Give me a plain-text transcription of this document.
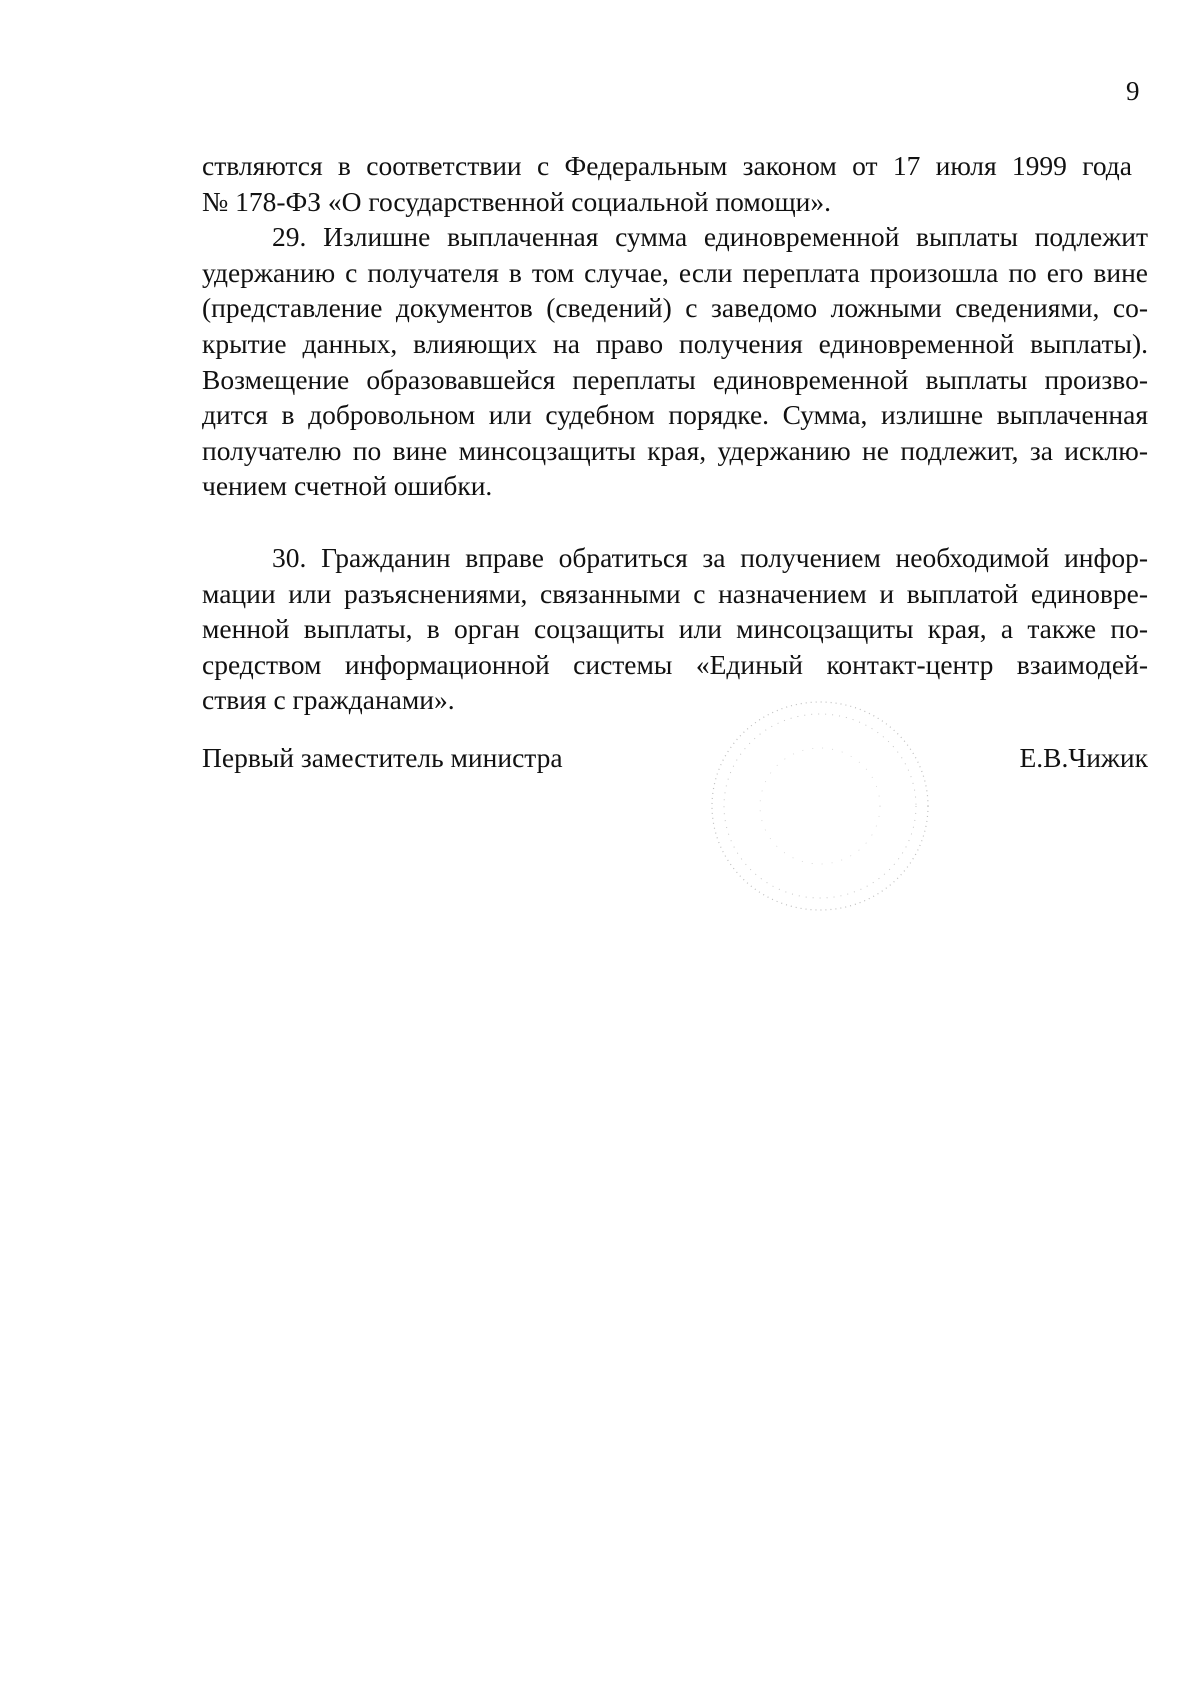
9

ствляются в соответствии с Федеральным законом от 17 июля 1999 года
№ 178-ФЗ «О государственной социальной помощи».

29. Излишне выплаченная сумма единовременной выплаты подлежит
удержанию с получателя в том случае, если переплата произошла по его вине
(представление документов (сведений) с заведомо ложными сведениями, со-
крытие данных, влияющих на право получения единовременной выплаты).
Возмещение образовавшейся переплаты единовременной выплаты произво-
дится в добровольном или судебном порядке. Сумма, излишне выплаченная
получателю по вине минсоцзащиты края, удержанию не подлежит, за исклю-
чением счетной ошибки.

30. Гражданин вправе обратиться за получением необходимой инфор-
мации или разъяснениями, связанными с назначением и выплатой единовре-
менной выплаты, в орган соцзащиты или минсоцзащиты края, а также по-
средством информационной системы «Единый контакт-центр взаимодей-
ствия с гражданами».

Первый заместитель министра	Е.В.Чижик
